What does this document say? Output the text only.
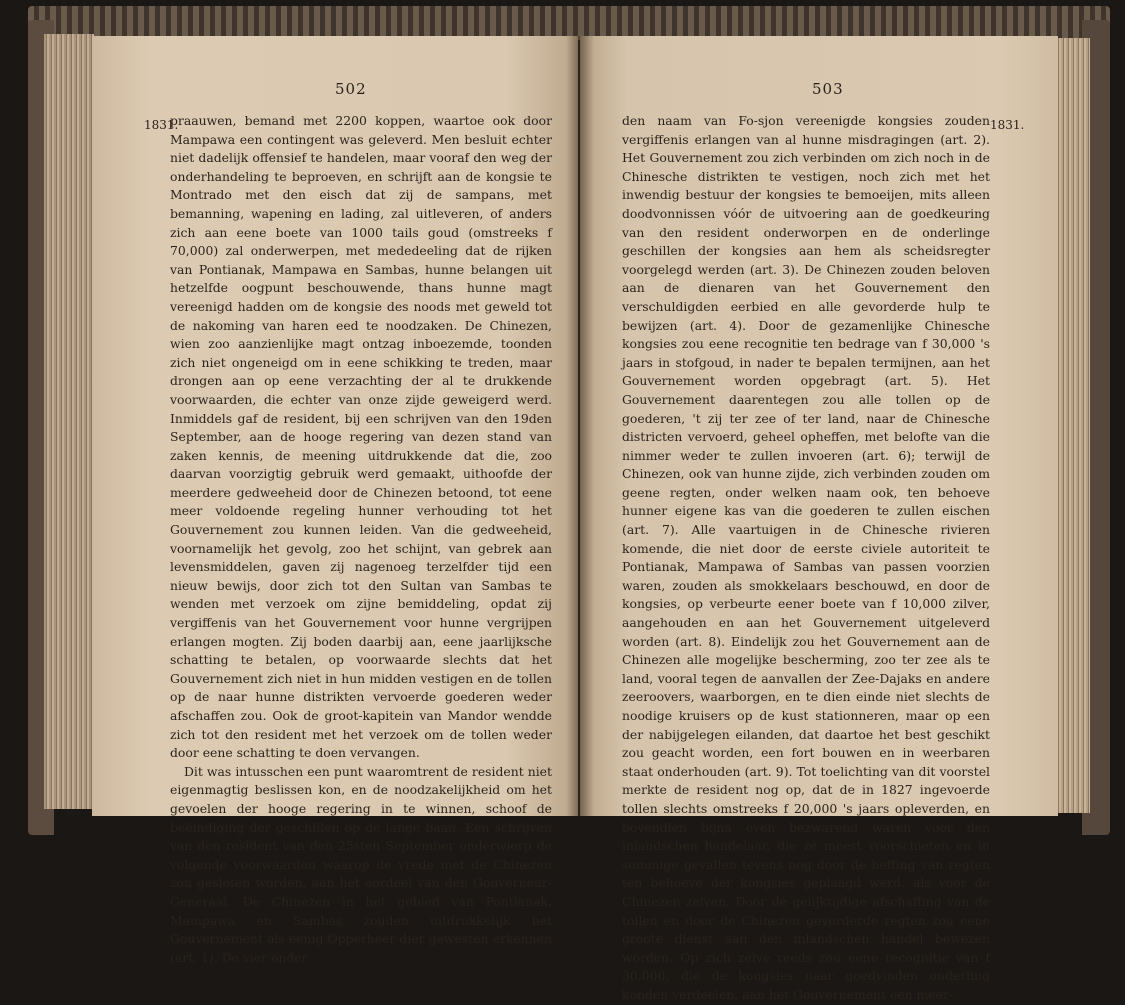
502
1831.

praauwen, bemand met 2200 koppen, waartoe ook door Mampawa een contingent was geleverd. Men besluit echter niet dadelijk offensief te handelen, maar vooraf den weg der onderhandeling te beproeven, en schrijft aan de kongsie te Montrado met den eisch dat zij de sampans, met bemanning, wapening en lading, zal uitleveren, of anders zich aan eene boete van 1000 tails goud (omstreeks f 70,000) zal onderwerpen, met mededeeling dat de rijken van Pontianak, Mampawa en Sambas, hunne belangen uit hetzelfde oogpunt beschouwende, thans hunne magt vereenigd hadden om de kongsie des noods met geweld tot de nakoming van haren eed te noodzaken. De Chinezen, wien zoo aanzienlijke magt ontzag inboezemde, toonden zich niet ongeneigd om in eene schikking te treden, maar drongen aan op eene verzachting der al te drukkende voorwaarden, die echter van onze zijde geweigerd werd. Inmiddels gaf de resident, bij een schrijven van den 19den September, aan de hooge regering van dezen stand van zaken kennis, de meening uitdrukkende dat die, zoo daarvan voorzigtig gebruik werd gemaakt, uithoofde der meerdere gedweeheid door de Chinezen betoond, tot eene meer voldoende regeling hunner verhouding tot het Gouvernement zou kunnen leiden. Van die gedweeheid, voornamelijk het gevolg, zoo het schijnt, van gebrek aan levensmiddelen, gaven zij nagenoeg terzelfder tijd een nieuw bewijs, door zich tot den Sultan van Sambas te wenden met verzoek om zijne bemiddeling, opdat zij vergiffenis van het Gouvernement voor hunne vergrijpen erlangen mogten. Zij boden daarbij aan, eene jaarlijksche schatting te betalen, op voorwaarde slechts dat het Gouvernement zich niet in hun midden vestigen en de tollen op de naar hunne distrikten vervoerde goederen weder afschaffen zou. Ook de groot-kapitein van Mandor wendde zich tot den resident met het verzoek om de tollen weder door eene schatting te doen vervangen.

Dit was intusschen een punt waaromtrent de resident niet eigenmagtig beslissen kon, en de noodzakelijkheid om het gevoelen der hooge regering in te winnen, schoof de beëindiging der geschillen op de lange baan. Een schrijven van den resident van den 25sten September onderwierp de volgende voorwaarden waarop de vrede met de Chinezen zou gesloten worden, aan het oordeel van den Gouverneur-Generaal. De Chinezen in het gebied van Pontianak, Mampawa en Sambas zouden uitdrukkelijk het Gouvernement als eenig Opperheer dier gewesten erkennen (art. 1). De vier onder

503
1831.

den naam van Fo-sjon vereenigde kongsies zouden vergiffenis erlangen van al hunne misdragingen (art. 2). Het Gouvernement zou zich verbinden om zich noch in de Chinesche distrikten te vestigen, noch zich met het inwendig bestuur der kongsies te bemoeijen, mits alleen doodvonnissen vóór de uitvoering aan de goedkeuring van den resident onderworpen en de onderlinge geschillen der kongsies aan hem als scheidsregter voorgelegd werden (art. 3). De Chinezen zouden beloven aan de dienaren van het Gouvernement den verschuldigden eerbied en alle gevorderde hulp te bewijzen (art. 4). Door de gezamenlijke Chinesche kongsies zou eene recognitie ten bedrage van f 30,000 's jaars in stofgoud, in nader te bepalen termijnen, aan het Gouvernement worden opgebragt (art. 5). Het Gouvernement daarentegen zou alle tollen op de goederen, 't zij ter zee of ter land, naar de Chinesche districten vervoerd, geheel opheffen, met belofte van die nimmer weder te zullen invoeren (art. 6); terwijl de Chinezen, ook van hunne zijde, zich verbinden zouden om geene regten, onder welken naam ook, ten behoeve hunner eigene kas van die goederen te zullen eischen (art. 7). Alle vaartuigen in de Chinesche rivieren komende, die niet door de eerste civiele autoriteit te Pontianak, Mampawa of Sambas van passen voorzien waren, zouden als smokkelaars beschouwd, en door de kongsies, op verbeurte eener boete van f 10,000 zilver, aangehouden en aan het Gouvernement uitgeleverd worden (art. 8). Eindelijk zou het Gouvernement aan de Chinezen alle mogelijke bescherming, zoo ter zee als te land, vooral tegen de aanvallen der Zee-Dajaks en andere zeeroovers, waarborgen, en te dien einde niet slechts de noodige kruisers op de kust stationneren, maar op een der nabijgelegen eilanden, dat daartoe het best geschikt zou geacht worden, een fort bouwen en in weerbaren staat onderhouden (art. 9). Tot toelichting van dit voorstel merkte de resident nog op, dat de in 1827 ingevoerde tollen slechts omstreeks f 20,000 's jaars opleverden, en bovendien bijna even bezwarend waren voor den inlandschen handelaar, die ze meest voorschieten en in sommige gevallen tevens nog door de heffing van regten ten behoeve der kongsies geplaagd werd, als voor de Chinezen zelven. Door de gelijktijdige afschaffing van de tollen en door de Chinezen gevorderde regten zou eene groote dienst aan den inlandschen handel bewezen worden. Op zich zelve reeds zou eene recognitie van f 30,000, die de kongsies naar goedvinden onderling konden verdeelen, aan het Gouvernement een meer-
